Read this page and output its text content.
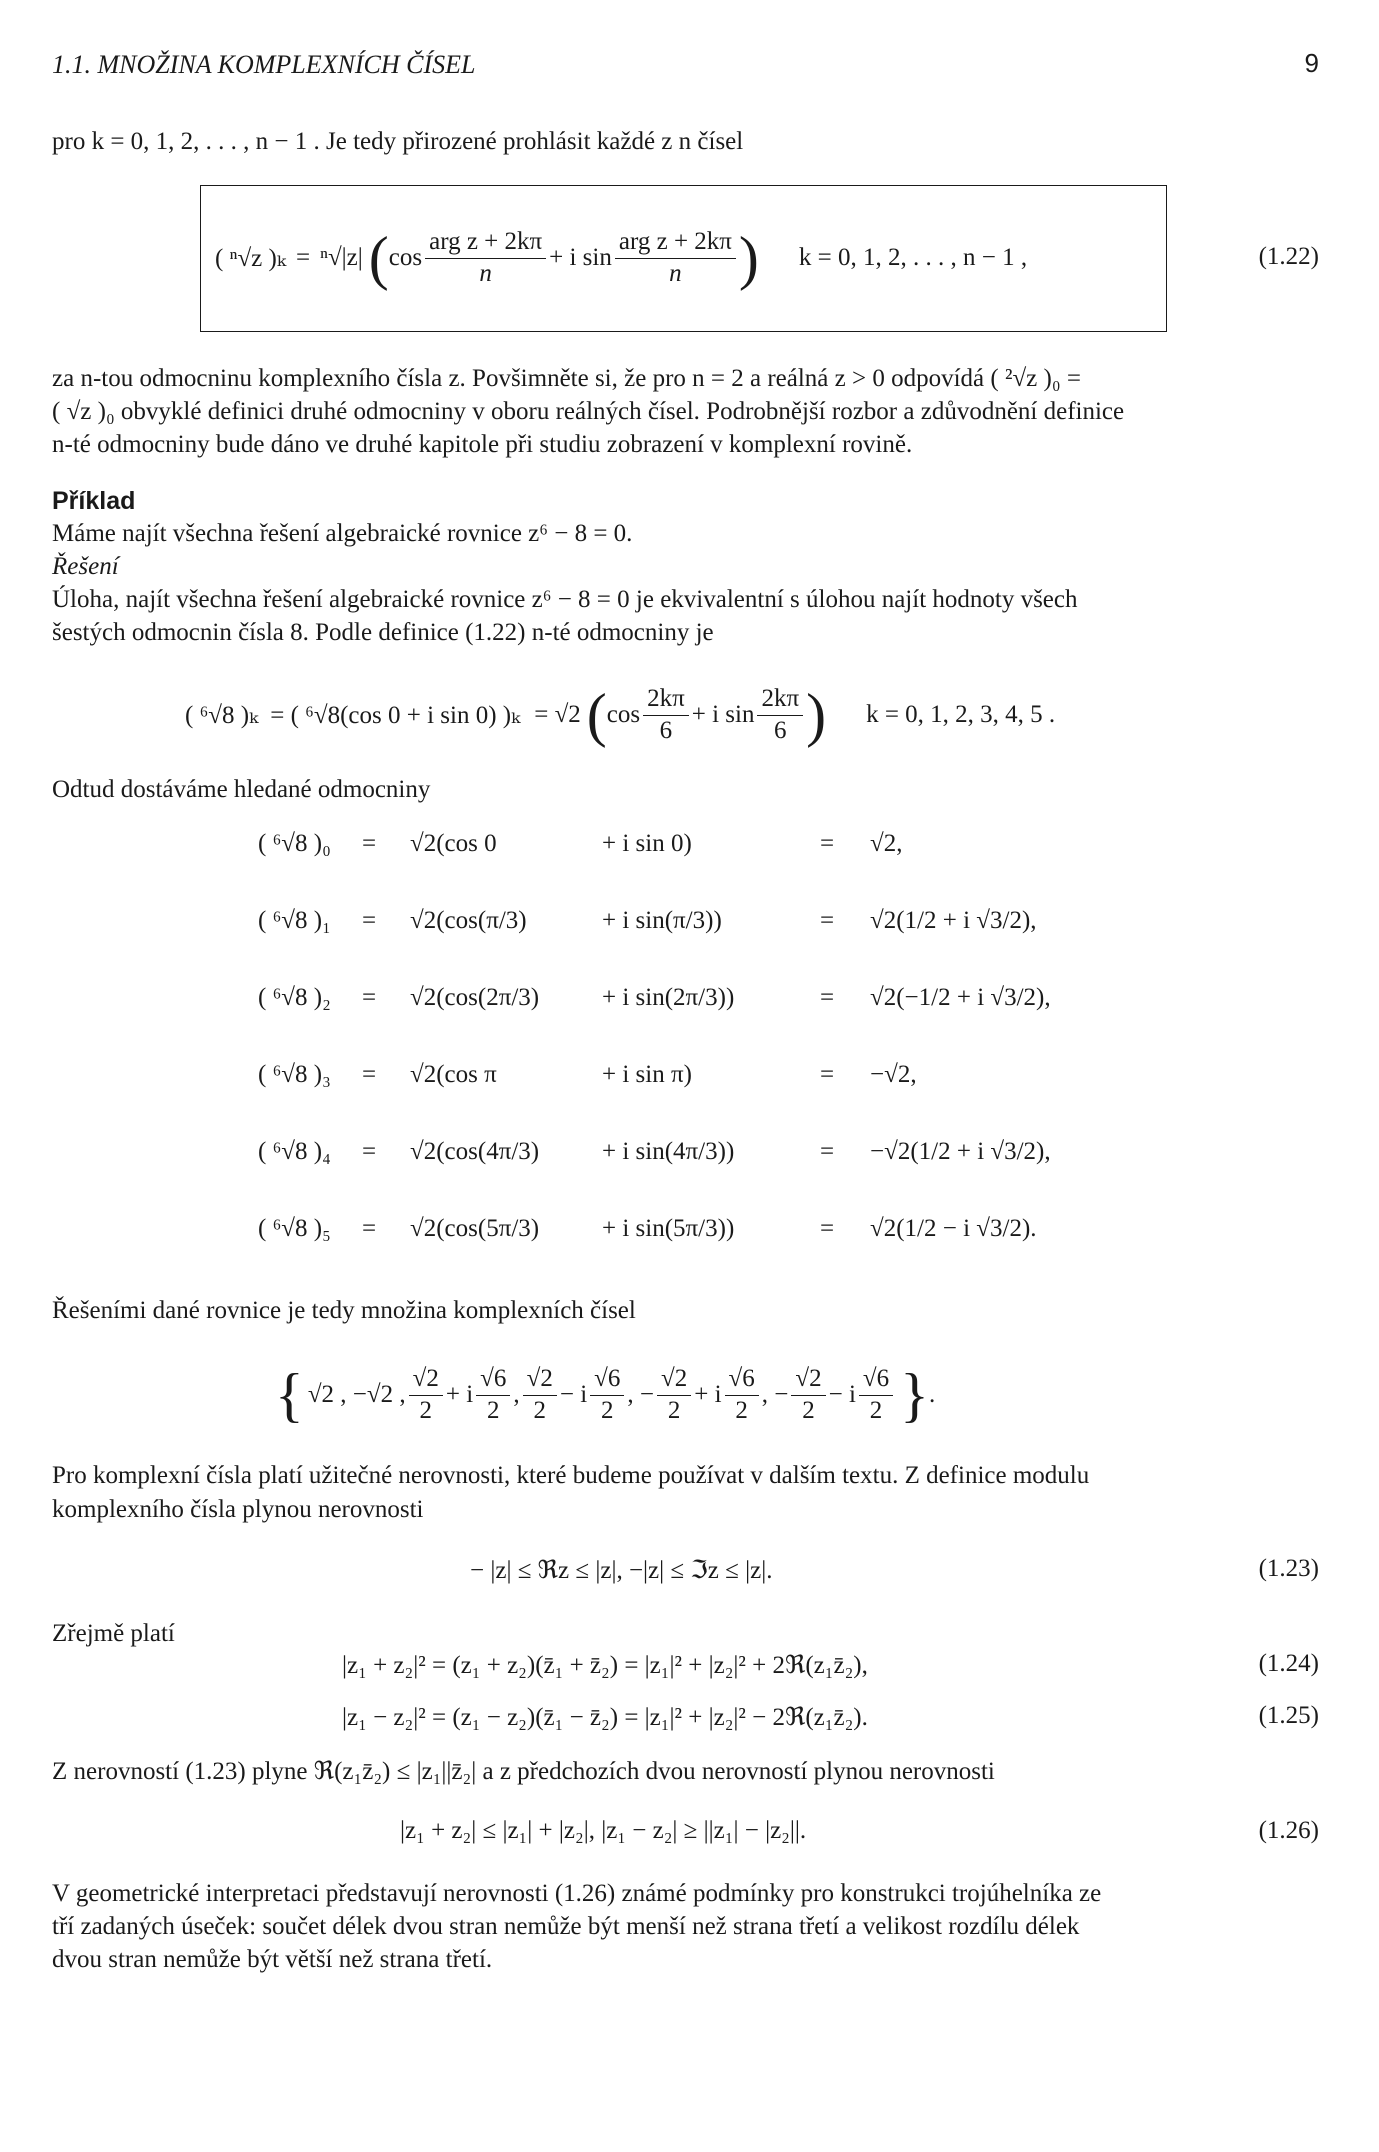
1.1. MNOŽINA KOMPLEXNÍCH ČÍSEL	9
pro k = 0, 1, 2, . . . , n − 1 . Je tedy přirozené prohlásit každé z n čísel
( ⁿ√z )ₖ = ⁿ√|z| ( $\cos \frac{\text{arg z + 2kπ}}{n} + i$ $\sin \frac{\text{arg z + 2kπ}}{n}$ ) k = 0, 1, 2, . . . , n − 1 ,	(1.22)
za n-tou odmocninu komplexního čísla z. Povšimněte si, že pro n = 2 a reálná z > 0 odpovídá ( ²√z )₀ =
( √z )₀ obvyklé definici druhé odmocniny v oboru reálných čísel. Podrobnější rozbor a zdůvodnění definice
n-té odmocniny bude dáno ve druhé kapitole při studiu zobrazení v komplexní rovině.
Příklad
Máme najít všechna řešení algebraické rovnice z⁶ − 8 = 0.
Řešení
Úloha, najít všechna řešení algebraické rovnice z⁶ − 8 = 0 je ekvivalentní s úlohou najít hodnoty všech
šestých odmocnin čísla 8. Podle definice (1.22) n-té odmocniny je
( ⁶√8 )ₖ = ( ⁶√8(cos 0 + i sin 0) )ₖ = √2 ( $\cos \frac{2k\pi}{6} + i$ $\sin \frac{2k\pi}{6}$ ) k = 0, 1, 2, 3, 4, 5 .
Odtud dostáváme hledané odmocniny
( ⁶√8 )₀ = √2(cos 0	+ i sin 0)	= √2,
( ⁶√8 )₁ = √2(cos(π/3)	+ i sin(π/3))	= √2(1/2 + i √3/2),
( ⁶√8 )₂ = √2(cos(2π/3)	+ i sin(2π/3))	= √2(−1/2 + i √3/2),
( ⁶√8 )₃ = √2(cos π	+ i sin π)	= −√2,
( ⁶√8 )₄ = √2(cos(4π/3)	+ i sin(4π/3))	= −√2(1/2 + i √3/2),
( ⁶√8 )₅ = √2(cos(5π/3)	+ i sin(5π/3))	= √2(1/2 − i √3/2).
Řešeními dané rovnice je tedy množina komplexních čísel
{ √2 , −√2 , $\frac{√2}{2} + i \frac{√6}{2}$ , $\frac{√2}{2} - i \frac{√6}{2}$ , − $\frac{√2}{2} + i \frac{√6}{2}$ , − $\frac{√2}{2} - i \frac{√6}{2}$ } .
Pro komplexní čísla platí užitečné nerovnosti, které budeme používat v dalším textu. Z definice modulu
komplexního čísla plynou nerovnosti
− |z| ≤ ℜz ≤ |z|, −|z| ≤ ℑz ≤ |z|.	(1.23)
Zřejmě platí
|z₁ + z₂|² = (z₁ + z₂)(z̄₁ + z̄₂) = |z₁|² + |z₂|² + 2ℜ(z₁z̄₂),	(1.24)
|z₁ − z₂|² = (z₁ − z₂)(z̄₁ − z̄₂) = |z₁|² + |z₂|² − 2ℜ(z₁z̄₂).	(1.25)
Z nerovností (1.23) plyne ℜ(z₁z̄₂) ≤ |z₁||z̄₂| a z předchozích dvou nerovností plynou nerovnosti
|z₁ + z₂| ≤ |z₁| + |z₂|, |z₁ − z₂| ≥ ||z₁| − |z₂||.	(1.26)
V geometrické interpretaci představují nerovnosti (1.26) známé podmínky pro konstrukci trojúhelníka ze
tří zadaných úseček: součet délek dvou stran nemůže být menší než strana třetí a velikost rozdílu délek
dvou stran nemůže být větší než strana třetí.
